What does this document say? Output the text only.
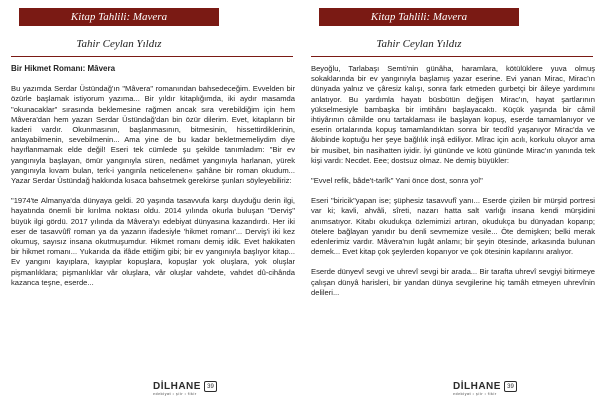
Kitap Tahlili: Mavera
Tahir Ceylan Yıldız

Bir Hikmet Romanı: Mâvera

Bu yazımda Serdar Üstündağ'ın "Mâvera" romanından bahsedeceğim. Evvelden bir özürle başlamak istiyorum yazıma... Bir yıldır kitaplığımda, iki aydır masamda "okunacaklar" sırasında beklemesine rağmen ancak sıra verebildiğim için hem Mâvera'dan hem yazarı Serdar Üstündağ'dan bin özür dilerim. Evet, kitapların bir kaderi vardır. Okunmasının, başlanmasının, bitmesinin, hissettirdiklerinin, anlayabilmenin, sevebilmenin... Ama yine de bu kadar bekletmemeliydim diye hayıflanmamak elde değil! Eseri tek cümlede şu şekilde tanımladım: "Bir ev yangınıyla başlayan, ömür yangınıyla süren, nedâmet yangınıyla harlanan, yürek yangınıyla kıvam bulan, terk-i yangınla neticelenen« şahâne bir roman okudum... Yazar Serdar Üstündağ hakkında kısaca bahsetmek gerekirse şunları söyleyebiliriz:

"1974'te Almanya'da dünyaya geldi. 20 yaşında tasavvufa karşı duyduğu derin ilgi, hayatında önemli bir kırılma noktası oldu. 2014 yılında okurla buluşan "Derviş" büyük ilgi gördü. 2017 yılında da Mâvera'yı edebiyat dünyasına kazandırdı. Her iki eser de tasavvûfî roman ya da yazarın ifadesiyle 'hikmet romanı'... Derviş'i iki kez okumuş, sayısız insana okutmuşumdur. Hikmet romanı demiş idik. Evet hakikaten bir hikmet romanı... Yukarıda da ifâde ettiğim gibi; bir ev yangınıyla başlıyor kitap... Ev yangını kayıplara, kayıplar kopuşlara, kopuşlar yok oluşlara, yok oluşlar pişmanlıklara; pişmanlıklar vâr oluşlara, vâr oluşlar vahdete, vahdet dû-cihânda kazanca teşne, eserde...

DİLHANE
edebiyat • şiir • fikir
39
Kitap Tahlili: Mavera
Tahir Ceylan Yıldız

Beyoğlu, Tarlabaşı Semti'nin günâha, haramlara, kötülüklere yuva olmuş sokaklarında bir ev yangınıyla başlamış yazar eserine. Evi yanan Mirac, Mirac'ın dünyada yalnız ve çâresiz kalışı, sonra fark etmeden gurbetçi bir âileye yardımını anlatıyor. Bu yardımla hayatı büsbütün değişen Mirac'ın, hayat şartlarının yükselmesiyle bambaşka bir imtihânı başlayacaktı. Küçük yaşında bir câmil ihtiyârının câmilde onu tartaklaması ile başlayan kopuş, eserde tamamlanıyor ve eserin ortalarında kopuş tamamlandıktan sonra bir tecdîd yaşanıyor Mirac'da ve âkıbinde koptuğu her şeye bağlılık inşâ ediliyor. Mîrac için acılı, korkulu oluyor ama bir musibet, bin nasihatten iyidir. İyi gününde ve kötü gününde Mirac'ın yanında tek kişi vardı: Necdet. Eee; dostsuz olmaz. Ne demiş büyükler:

"Evvel refik, bâde't-tarîk" Yani önce dost, sonra yol"

Eseri "biricik"yapan ise; şüphesiz tasavvufî yanı... Eserde çizilen bir mürşid portresi var ki; kavli, ahvâli, sîreti, nazarı hatta salt varlığı insana kendi mürşidini anımsatıyor. Kitabı okudukça özlemimizi artıran, okudukça bu dünyadan koparıp; ötelere bağlayan yanıdır bu denli sevmemize vesile... Öte demişken; belki merak edenlerimiz vardır. Mâvera'nın lugât anlamı; bir şeyin ötesinde, arkasında bulunan demek... Evet kitap çok şeylerden koparıyor ve çok ötesinin kapılarını aralıyor.

Eserde dünyevî sevgi ve uhrevî sevgi bir arada... Bir tarafta uhrevî sevgiyi bitirmeye çalışan dünyâ harisleri, bir yandan dünya sevgilerine hiç tamâh etmeyen uhrevînin delileri...

DİLHANE
edebiyat • şiir • fikir
39
